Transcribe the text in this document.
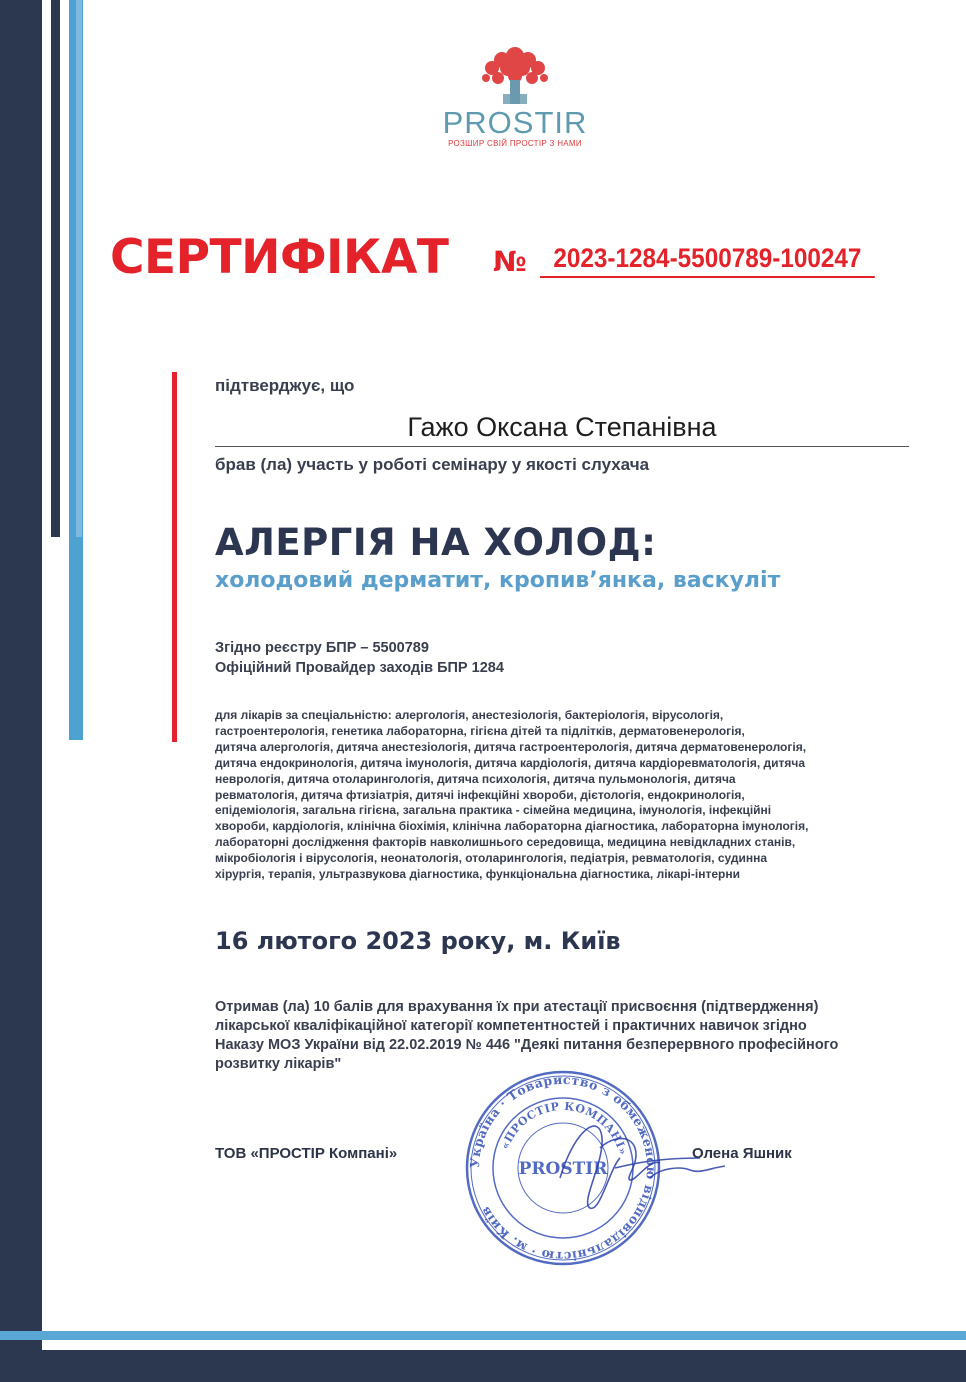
PROSTIR
РОЗШИР СВІЙ ПРОСТІР З НАМИ
СЕРТИФІКАТ № 2023-1284-5500789-100247
підтверджує, що
Гажо Оксана Степанівна
брав (ла) участь у роботі семінару у якості слухача
АЛЕРГІЯ НА ХОЛОД:
холодовий дерматит, кропив’янка, васкуліт
Згідно реєстру БПР – 5500789
Офіційний Провайдер заходів БПР 1284
для лікарів за спеціальністю: алергологія, анестезіологія, бактеріологія, вірусологія,
гастроентерологія, генетика лабораторна, гігієна дітей та підлітків, дерматовенерологія,
дитяча алергологія, дитяча анестезіологія, дитяча гастроентерологія, дитяча дерматовенерологія,
дитяча ендокринологія, дитяча імунологія, дитяча кардіологія, дитяча кардіоревматологія, дитяча
неврологія, дитяча отоларингологія, дитяча психологія, дитяча пульмонологія, дитяча
ревматологія, дитяча фтизіатрія, дитячі інфекційні хвороби, дієтологія, ендокринологія,
епідеміологія, загальна гігієна, загальна практика - сімейна медицина, імунологія, інфекційні
хвороби, кардіологія, клінічна біохімія, клінічна лабораторна діагностика, лабораторна імунологія,
лабораторні дослідження факторів навколишнього середовища, медицина невідкладних станів,
мікробіологія і вірусологія, неонатологія, отоларингологія, педіатрія, ревматологія, судинна
хірургія, терапія, ультразвукова діагностика, функціональна діагностика, лікарі-інтерни
16 лютого 2023 року, м. Київ
Отримав (ла) 10 балів для врахування їх при атестації присвоєння (підтвердження)
лікарської кваліфікаційної категорії компетентностей і практичних навичок згідно
Наказу МОЗ України від 22.02.2019 № 446 "Деякі питання безперервного професійного
розвитку лікарів"
ТОВ «ПРОСТІР Компані»	Олена Яшник
Україна · Товариство з обмеженою відповідальністю · м. Київ
«ПРОСТІР КОМПАНІ»
PROSTIR
